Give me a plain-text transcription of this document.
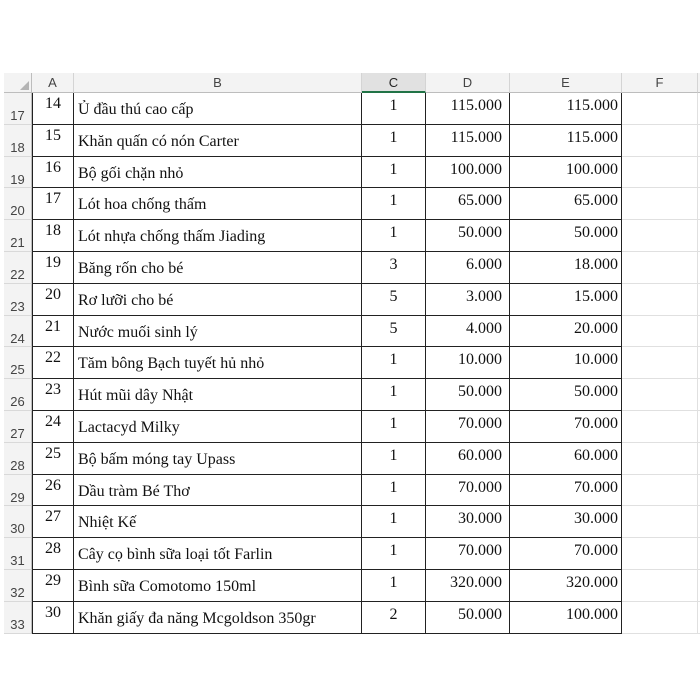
A	B	C	D	E	F
17
14	Ủ đầu thú cao cấp	1	115.000	115.000
18
15	Khăn quấn có nón Carter	1	115.000	115.000
19
16	Bộ gối chặn nhỏ	1	100.000	100.000
20
17	Lót hoa chống thấm	1	65.000	65.000
21
18	Lót nhựa chống thấm Jiading	1	50.000	50.000
22
19	Băng rốn cho bé	3	6.000	18.000
23
20	Rơ lưỡi cho bé	5	3.000	15.000
24
21	Nước muối sinh lý	5	4.000	20.000
25
22	Tăm bông Bạch tuyết hủ nhỏ	1	10.000	10.000
26
23	Hút mũi dây Nhật	1	50.000	50.000
27
24	Lactacyd Milky	1	70.000	70.000
28
25	Bộ bấm móng tay Upass	1	60.000	60.000
29
26	Dầu tràm Bé Thơ	1	70.000	70.000
30
27	Nhiệt Kế	1	30.000	30.000
31
28	Cây cọ bình sữa loại tốt Farlin	1	70.000	70.000
32
29	Bình sữa Comotomo 150ml	1	320.000	320.000
33
30	Khăn giấy đa năng Mcgoldson 350gr	2	50.000	100.000
